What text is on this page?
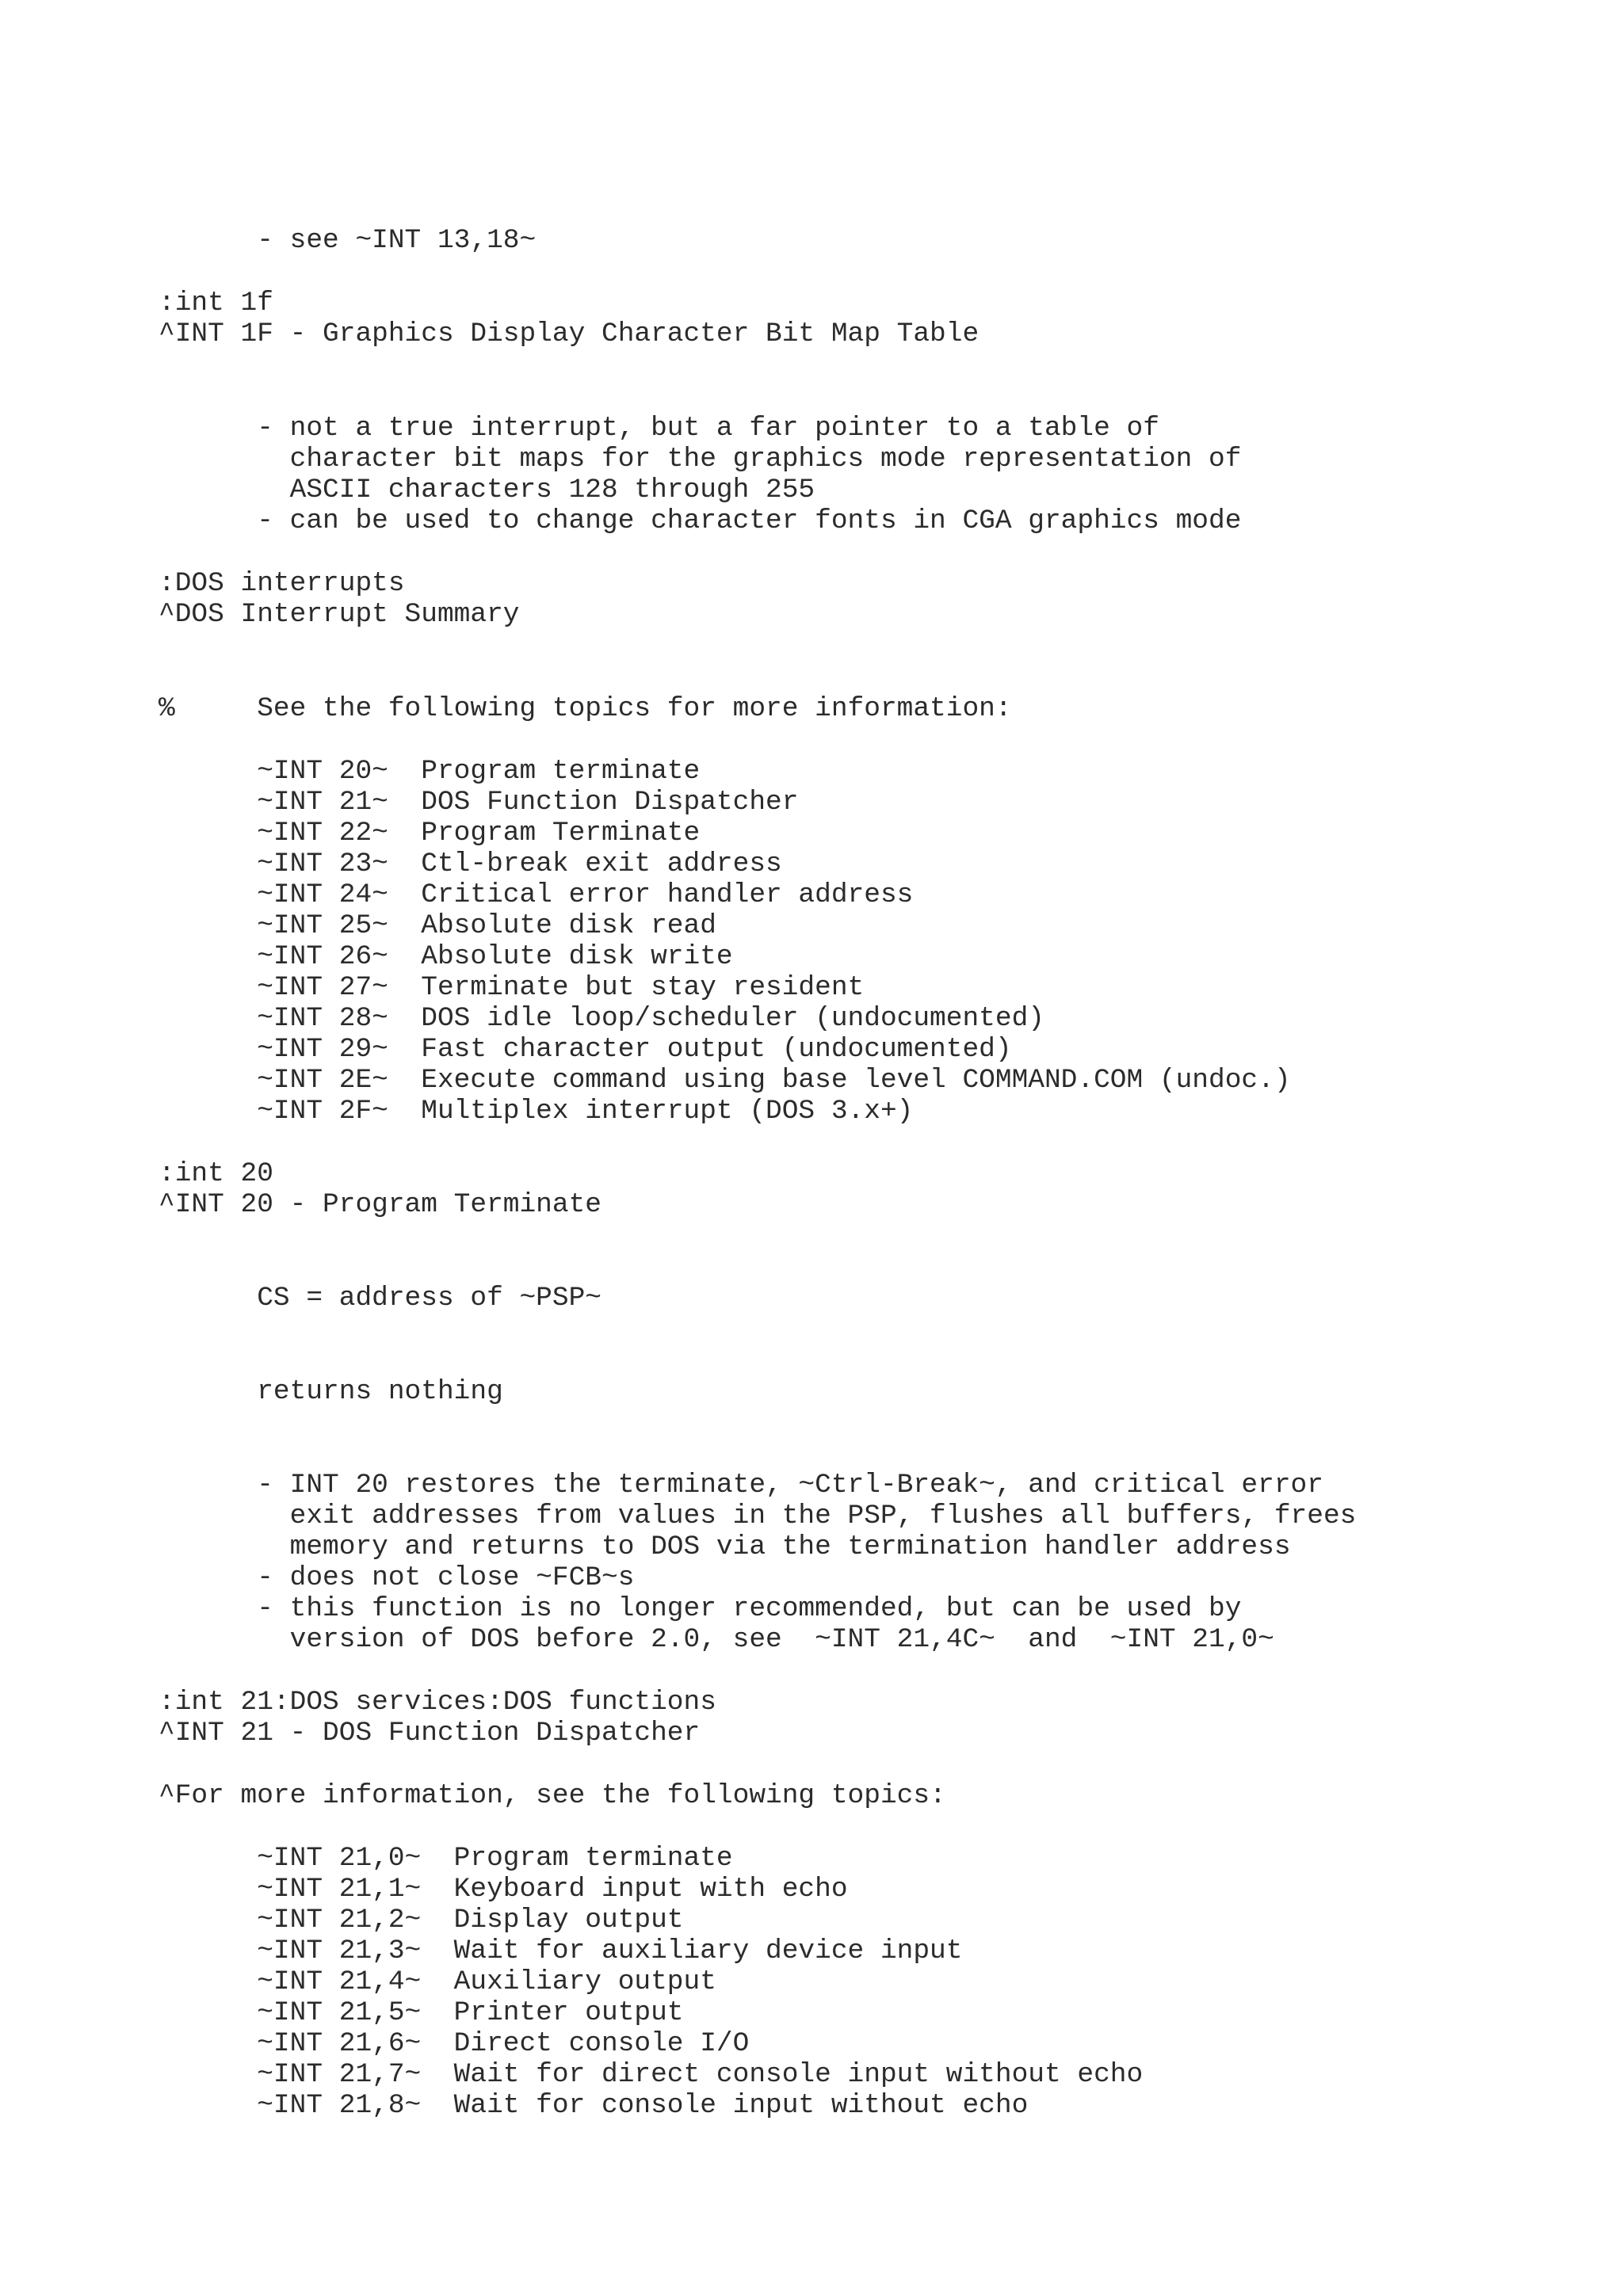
- see ~INT 13,18~

:int 1f

^INT 1F - Graphics Display Character Bit Map Table

- not a true interrupt, but a far pointer to a table of

character bit maps for the graphics mode representation of

ASCII characters 128 through 255

- can be used to change character fonts in CGA graphics mode

:DOS interrupts

^DOS Interrupt Summary

%     See the following topics for more information:

~INT 20~  Program terminate

~INT 21~  DOS Function Dispatcher

~INT 22~  Program Terminate

~INT 23~  Ctl-break exit address

~INT 24~  Critical error handler address

~INT 25~  Absolute disk read

~INT 26~  Absolute disk write

~INT 27~  Terminate but stay resident

~INT 28~  DOS idle loop/scheduler (undocumented)

~INT 29~  Fast character output (undocumented)

~INT 2E~  Execute command using base level COMMAND.COM (undoc.)

~INT 2F~  Multiplex interrupt (DOS 3.x+)

:int 20

^INT 20 - Program Terminate

CS = address of ~PSP~

returns nothing

- INT 20 restores the terminate, ~Ctrl-Break~, and critical error

exit addresses from values in the PSP, flushes all buffers, frees

memory and returns to DOS via the termination handler address

- does not close ~FCB~s

- this function is no longer recommended, but can be used by

version of DOS before 2.0, see  ~INT 21,4C~  and  ~INT 21,0~

:int 21:DOS services:DOS functions

^INT 21 - DOS Function Dispatcher

^For more information, see the following topics:

~INT 21,0~  Program terminate

~INT 21,1~  Keyboard input with echo

~INT 21,2~  Display output

~INT 21,3~  Wait for auxiliary device input

~INT 21,4~  Auxiliary output

~INT 21,5~  Printer output

~INT 21,6~  Direct console I/O

~INT 21,7~  Wait for direct console input without echo

~INT 21,8~  Wait for console input without echo
